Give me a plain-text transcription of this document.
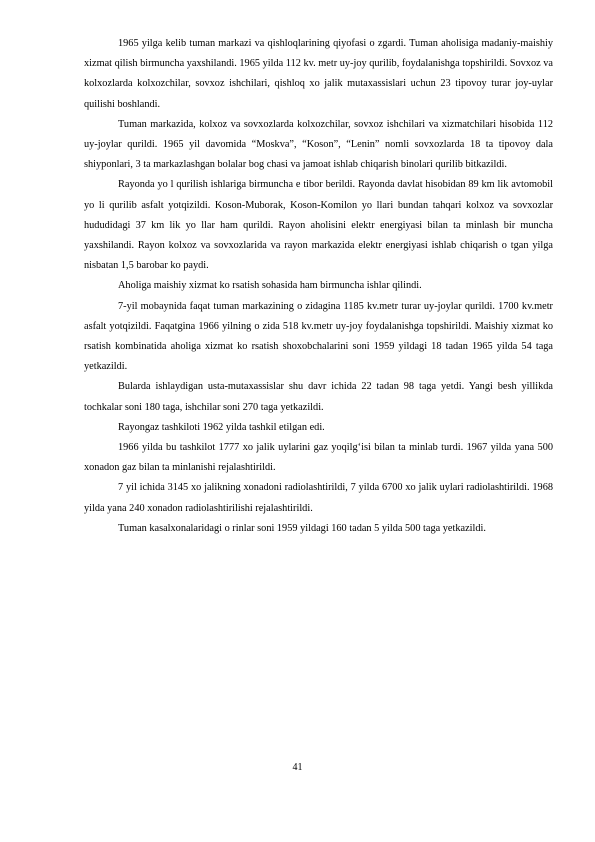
1965 yilga kelib tuman markazi va qishloqlarining qiyofasi o zgardi. Tuman aholisiga madaniy-maishiy xizmat qilish birmuncha yaxshilandi. 1965 yilda 112 kv. metr uy-joy qurilib, foydalanishga topshirildi. Sovxoz va kolxozlarda kolxozchilar, sovxoz ishchilari, qishloq xo jalik mutaxassislari uchun 23 tipovoy turar joy-uylar quilishi boshlandi.

Tuman markazida, kolxoz va sovxozlarda kolxozchilar, sovxoz ishchilari va xizmatchilari hisobida 112 uy-joylar qurildi. 1965 yil davomida “Moskva”, “Koson”, “Lenin” nomli sovxozlarda 18 ta tipovoy dala shiyponlari, 3 ta markazlashgan bolalar bog chasi va jamoat ishlab chiqarish binolari qurilib bitkazildi.

Rayonda yo l qurilish ishlariga birmuncha e tibor berildi. Rayonda davlat hisobidan 89 km lik avtomobil yo li qurilib asfalt yotqizildi. Koson-Muborak, Koson-Komilon yo llari bundan tahqari kolxoz va sovxozlar hududidagi 37 km lik yo llar ham qurildi. Rayon aholisini elektr energiyasi bilan ta minlash bir muncha yaxshilandi. Rayon kolxoz va sovxozlarida va rayon markazida elektr energiyasi ishlab chiqarish o tgan yilga nisbatan 1,5 barobar ko paydi.

Aholiga maishiy xizmat ko rsatish sohasida ham birmuncha ishlar qilindi.

7-yil mobaynida faqat tuman markazining o zidagina 1185 kv.metr turar uy-joylar qurildi. 1700 kv.metr asfalt yotqizildi. Faqatgina 1966 yilning o zida 518 kv.metr uy-joy foydalanishga topshirildi. Maishiy xizmat ko rsatish kombinatida aholiga xizmat ko rsatish shoxobchalarini soni 1959 yildagi 18 tadan 1965 yilda 54 taga yetkazildi.

Bularda ishlaydigan usta-mutaxassislar shu davr ichida 22 tadan 98 taga yetdi. Yangi besh yillikda tochkalar soni 180 taga, ishchilar soni 270 taga yetkazildi.

Rayongaz tashkiloti 1962 yilda tashkil etilgan edi.

1966 yilda bu tashkilot 1777 xo jalik uylarini gaz yoqilg‘isi bilan ta minlab turdi. 1967 yilda yana 500 xonadon gaz bilan ta minlanishi rejalashtirildi.

7 yil ichida 3145 xo jalikning xonadoni radiolashtirildi, 7 yilda 6700 xo jalik uylari radiolashtirildi. 1968 yilda yana 240 xonadon radiolashtirilishi rejalashtirildi.

Tuman kasalxonalaridagi o rinlar soni 1959 yildagi 160 tadan 5 yilda 500 taga yetkazildi.

41
